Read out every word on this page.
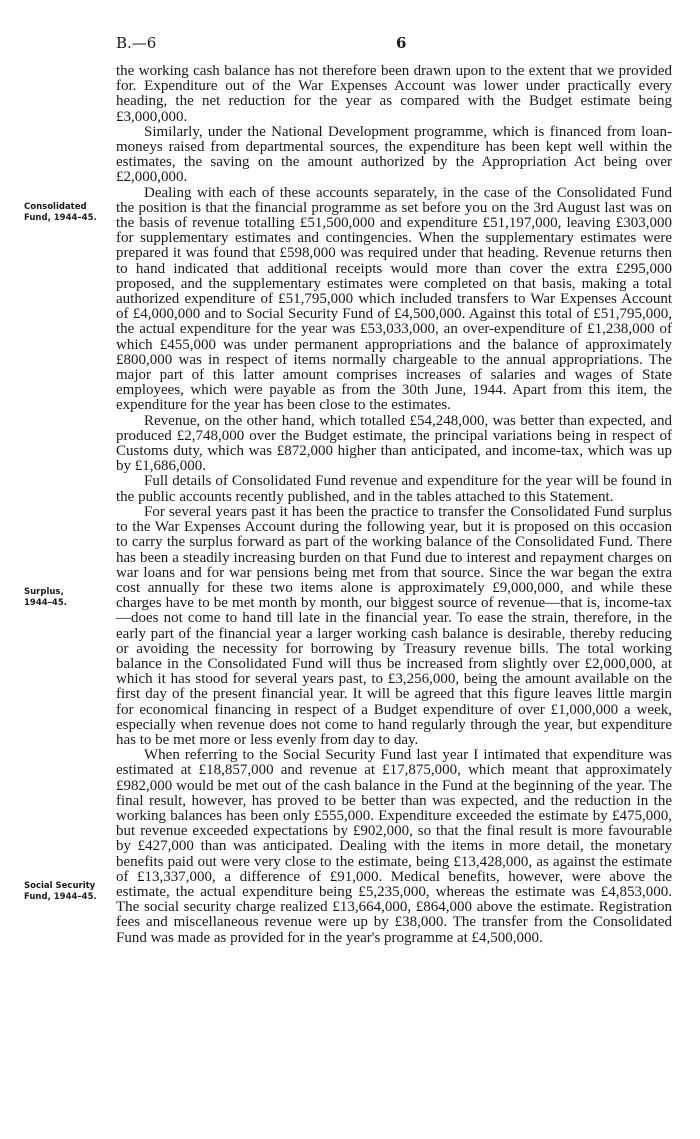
B.—6	6
Consolidated
Fund, 1944–45.
Surplus,
1944–45.
Social Security
Fund, 1944–45.

the working cash balance has not therefore been drawn upon to the extent that we provided for. Expenditure out of the War Expenses Account was lower under practically every heading, the net reduction for the year as compared with the Budget estimate being £3,000,000.

Similarly, under the National Development programme, which is financed from loan-moneys raised from departmental sources, the expenditure has been kept well within the estimates, the saving on the amount authorized by the Appropriation Act being over £2,000,000.

Dealing with each of these accounts separately, in the case of the Consolidated Fund the position is that the financial programme as set before you on the 3rd August last was on the basis of revenue totalling £51,500,000 and expenditure £51,197,000, leaving £303,000 for supplementary estimates and contingencies. When the supplementary estimates were prepared it was found that £598,000 was required under that heading. Revenue returns then to hand indicated that additional receipts would more than cover the extra £295,000 proposed, and the supplementary estimates were completed on that basis, making a total authorized expenditure of £51,795,000 which included transfers to War Expenses Account of £4,000,000 and to Social Security Fund of £4,500,000. Against this total of £51,795,000, the actual expenditure for the year was £53,033,000, an over-expenditure of £1,238,000 of which £455,000 was under permanent appropriations and the balance of approximately £800,000 was in respect of items normally chargeable to the annual appropriations. The major part of this latter amount comprises increases of salaries and wages of State employees, which were payable as from the 30th June, 1944. Apart from this item, the expenditure for the year has been close to the estimates.

Revenue, on the other hand, which totalled £54,248,000, was better than expected, and produced £2,748,000 over the Budget estimate, the principal variations being in respect of Customs duty, which was £872,000 higher than anticipated, and income-tax, which was up by £1,686,000.

Full details of Consolidated Fund revenue and expenditure for the year will be found in the public accounts recently published, and in the tables attached to this Statement.

For several years past it has been the practice to transfer the Consolidated Fund surplus to the War Expenses Account during the following year, but it is proposed on this occasion to carry the surplus forward as part of the working balance of the Consolidated Fund. There has been a steadily increasing burden on that Fund due to interest and repayment charges on war loans and for war pensions being met from that source. Since the war began the extra cost annually for these two items alone is approximately £9,000,000, and while these charges have to be met month by month, our biggest source of revenue—that is, income-tax—does not come to hand till late in the financial year. To ease the strain, therefore, in the early part of the financial year a larger working cash balance is desirable, thereby reducing or avoiding the necessity for borrowing by Treasury revenue bills. The total working balance in the Consolidated Fund will thus be increased from slightly over £2,000,000, at which it has stood for several years past, to £3,256,000, being the amount available on the first day of the present financial year. It will be agreed that this figure leaves little margin for economical financing in respect of a Budget expenditure of over £1,000,000 a week, especially when revenue does not come to hand regularly through the year, but expenditure has to be met more or less evenly from day to day.

When referring to the Social Security Fund last year I intimated that expenditure was estimated at £18,857,000 and revenue at £17,875,000, which meant that approximately £982,000 would be met out of the cash balance in the Fund at the beginning of the year. The final result, however, has proved to be better than was expected, and the reduction in the working balances has been only £555,000. Expenditure exceeded the estimate by £475,000, but revenue exceeded expectations by £902,000, so that the final result is more favourable by £427,000 than was anticipated. Dealing with the items in more detail, the monetary benefits paid out were very close to the estimate, being £13,428,000, as against the estimate of £13,337,000, a difference of £91,000. Medical benefits, however, were above the estimate, the actual expenditure being £5,235,000, whereas the estimate was £4,853,000. The social security charge realized £13,664,000, £864,000 above the estimate. Registration fees and miscellaneous revenue were up by £38,000. The transfer from the Consolidated Fund was made as provided for in the year's programme at £4,500,000.
